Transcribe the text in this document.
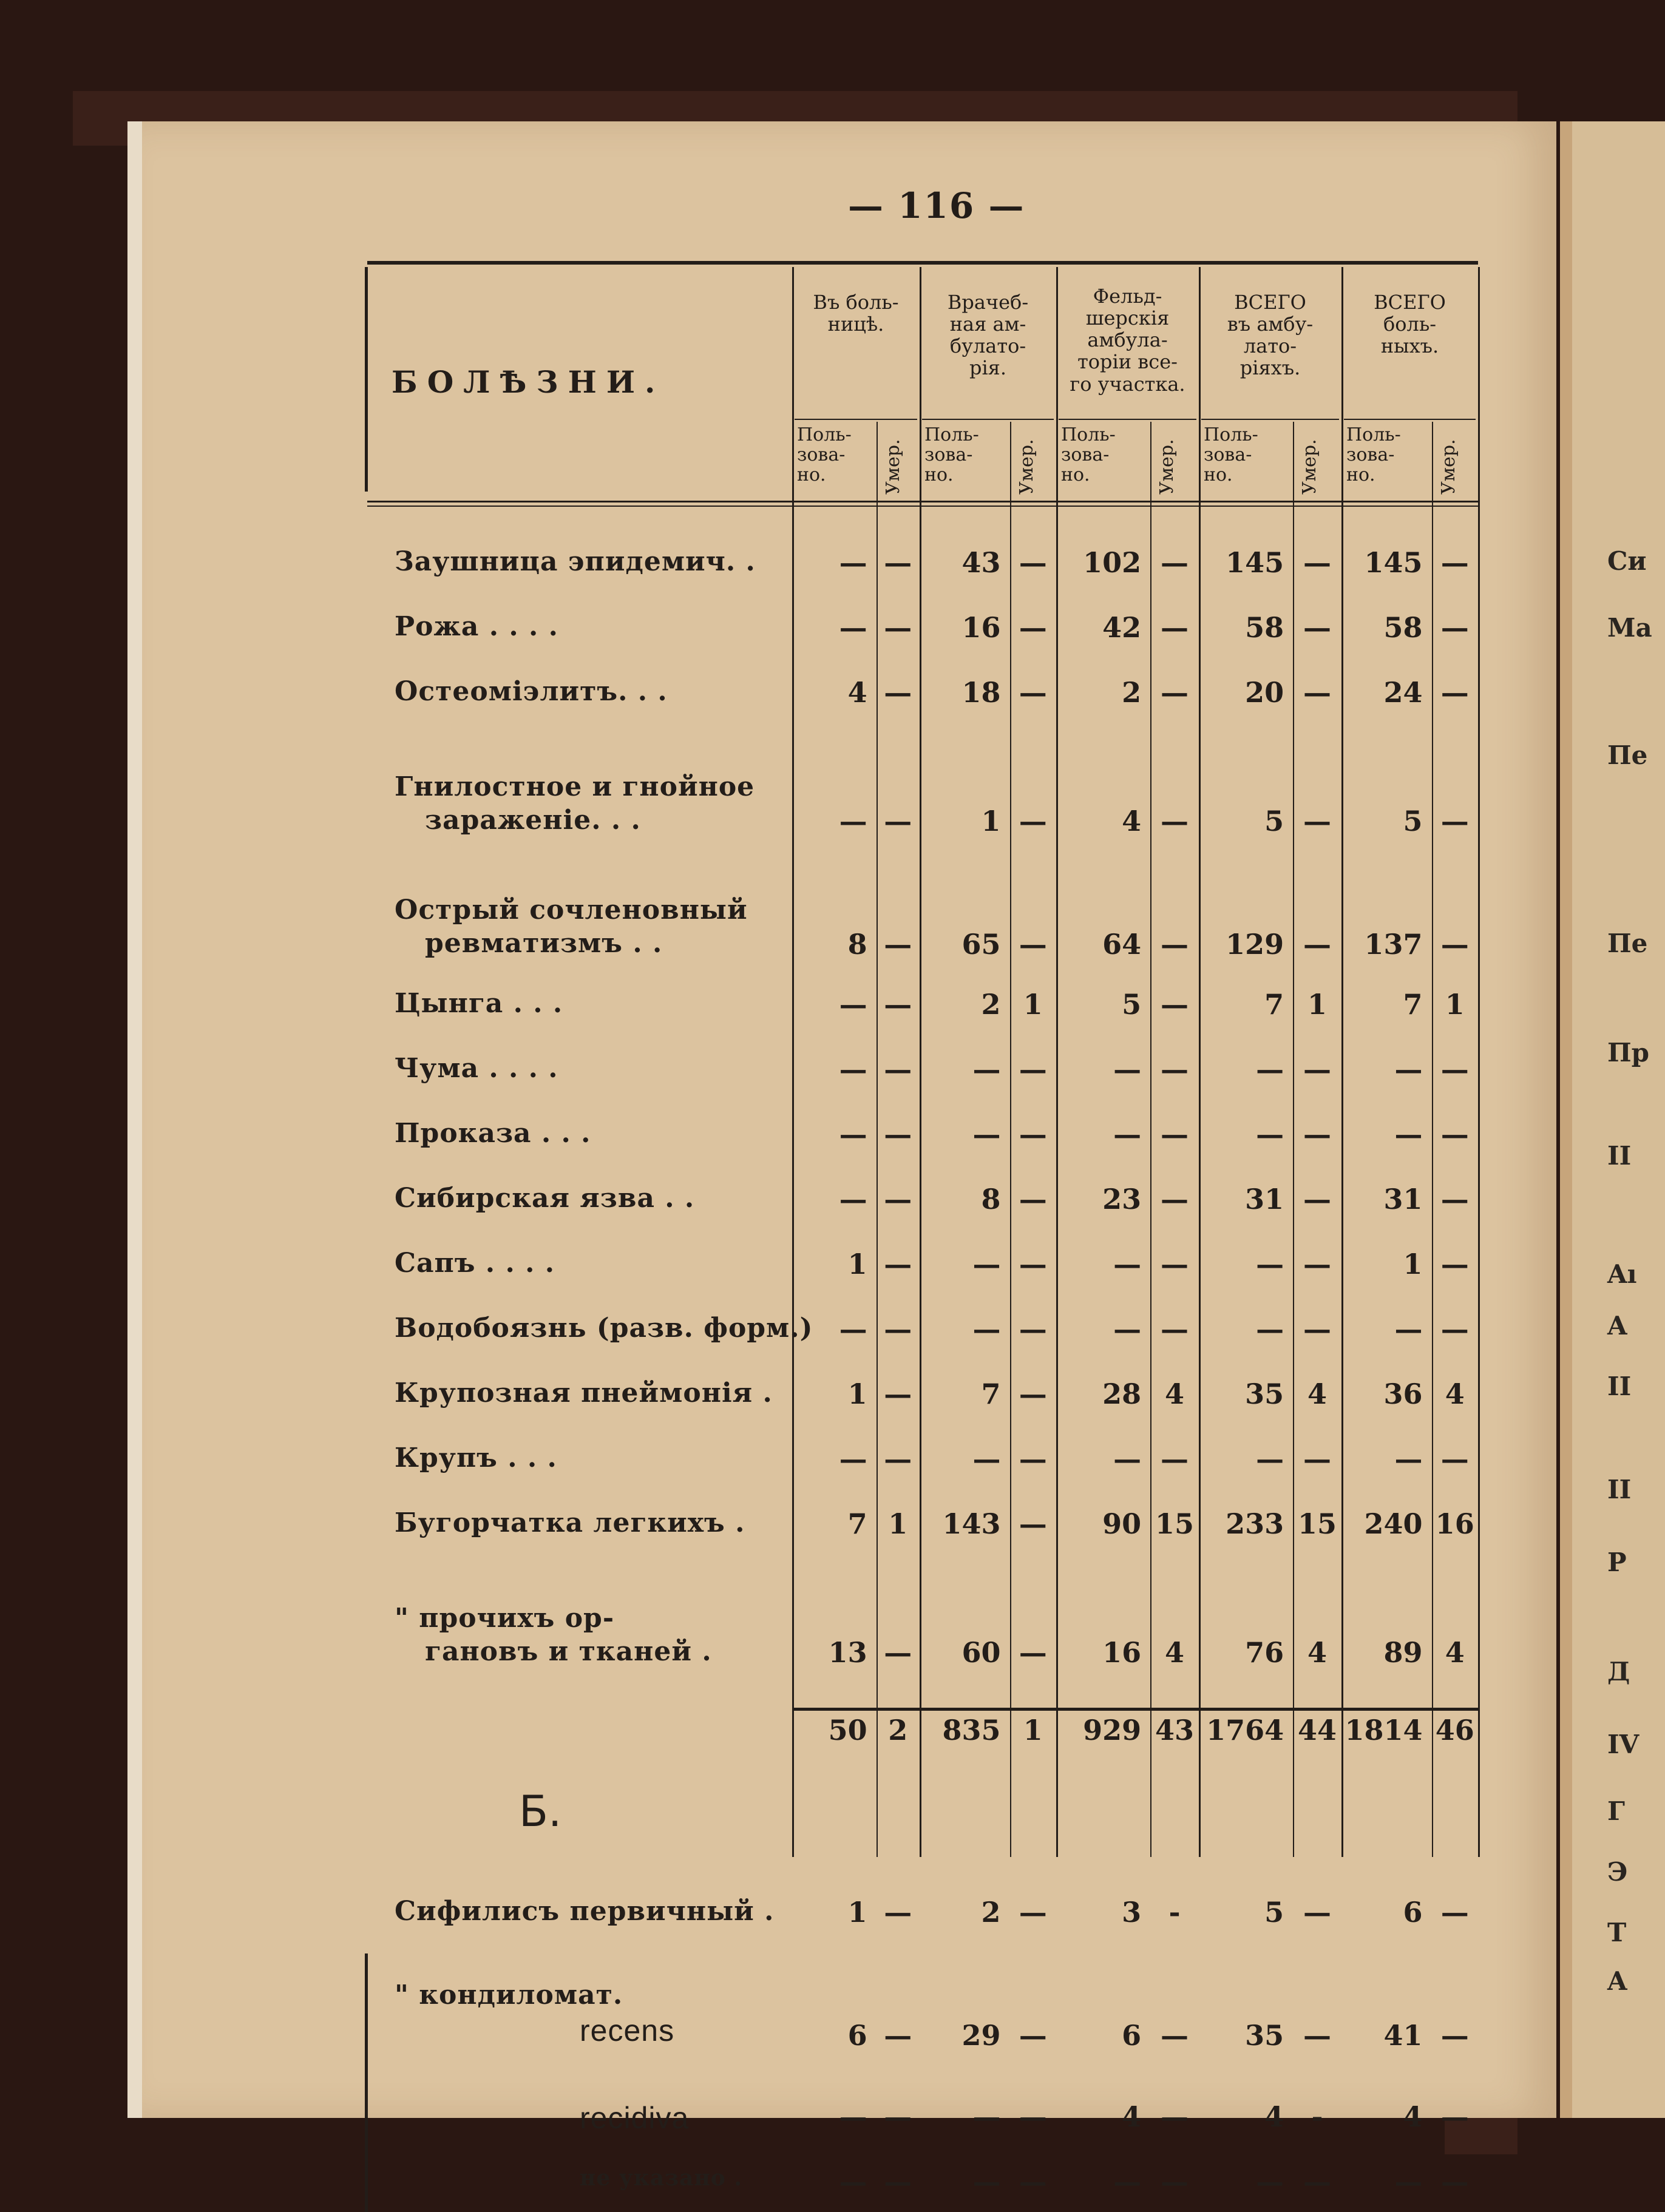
Си
Ma
Пе
Пе
Пр
II
Aı
A
II
II
P
Д
IV
Г
Э
T
A
— 116 —
БОЛѢЗНИ.
Въ боль-
ницѣ.
Поль-
зова-
но.	Умер.
Врачеб-
ная ам-
булато-
рія.
Поль-
зова-
но.	Умер.
Фельд-
шерскія
амбула-
торіи все-
го участка.
Поль-
зова-
но.	Умер.
ВСЕГО
въ амбу-
лато-
ріяхъ.
Поль-
зова-
но.	Умер.
ВСЕГО
боль-
ныхъ.
Поль-
зова-
но.	Умер.
Заушница эпидемич. .	— —	43 —	102 —	145 —	145 —
Рожа . . . .	— —	16 —	42 —	58 —	58 —
Остеоміэлитъ. . .	4 —	18 —	2 —	20 —	24 —
Гнилостное и гнойное
зараженіе. . .	— —	1 —	4 —	5 —	5 —
Острый сочленовный
ревматизмъ . .	8 —	65 —	64 —	129 —	137 —
Цынга . . .	— —	2 1	5 —	7 1	7 1
Чума . . . .	— —	— —	— —	— —	— —
Проказа . . .	— —	— —	— —	— —	— —
Сибирская язва . .	— —	8 —	23 —	31 —	31 —
Сапъ . . . .	1 —	— —	— —	— —	1 —
Водобоязнь (разв. форм.) — —	— —	— —	— —	— —
Крупозная пнеймонія .	1 —	7 —	28 4	35 4	36 4
Крупъ . . .	— —	— —	— —	— —	— —
Бугорчатка легкихъ .	7 1	143 —	90 15	233 15 240 16
" прочихъ ор-
гановъ и тканей .	13 —	60 —	16 4	76 4	89 4
50 2	835 1	929 43 1764 44 1814 46
Б.
Сифилисъ первичный .	1 —	2 —	3 -	5 —	6 —
" кондиломат.
recens	6 —	29 —	6 —	35 —	41 —
recidiva	— —	— —	4 —	4 -	4 —
не указано .	— —	— —	— —	— —	— —
